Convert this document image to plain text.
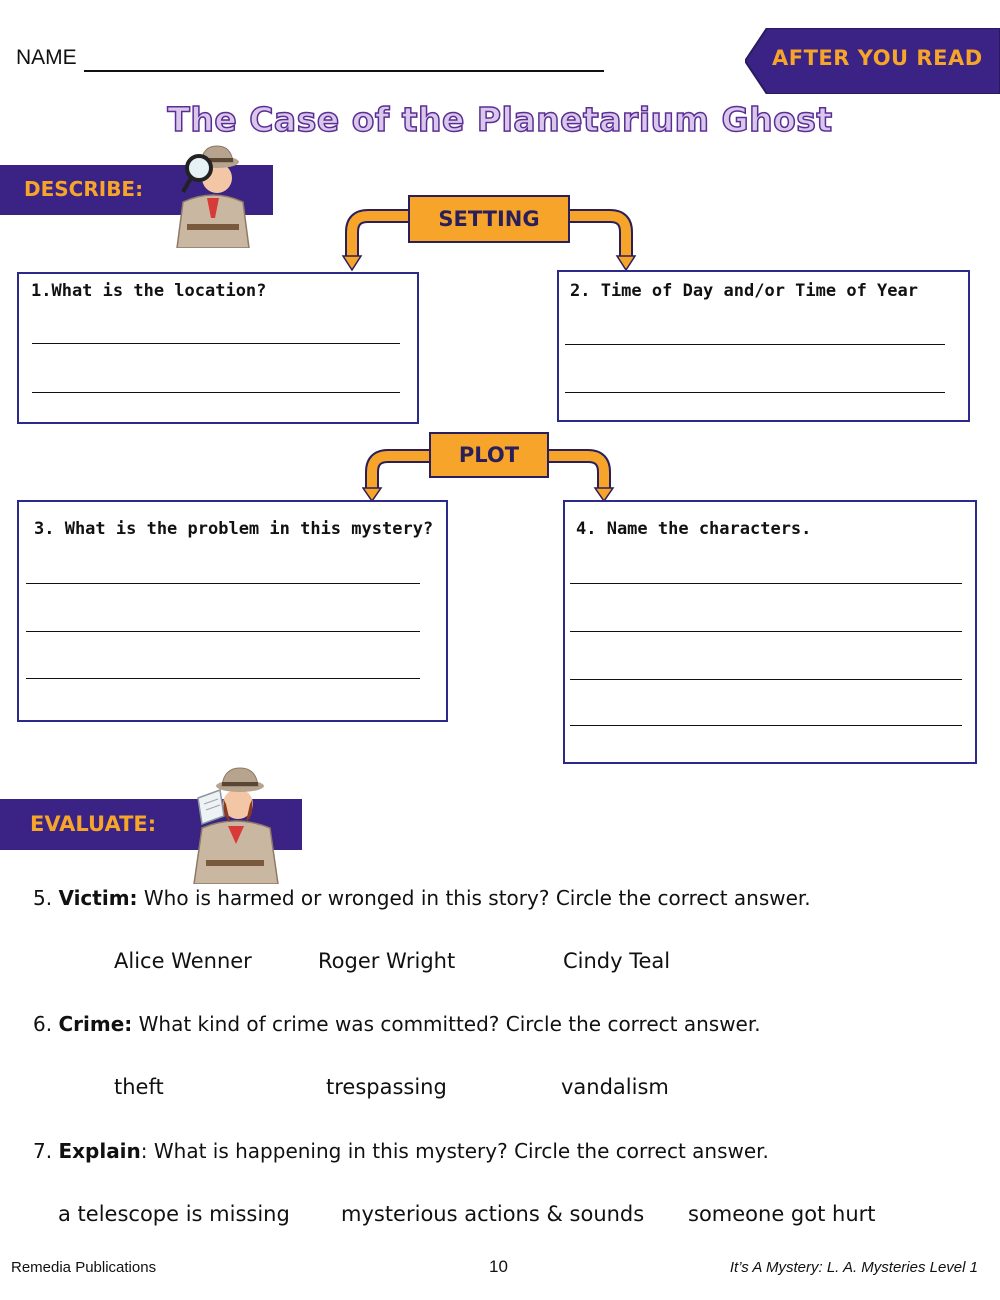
NAME	AFTER YOU READ
The Case of the Planetarium Ghost
DESCRIBE:
SETTING
1.What is the location?	2. Time of Day and/or Time of Year
PLOT
3. What is the problem in this mystery?	4. Name the characters.
EVALUATE:
5. Victim: Who is harmed or wronged in this story? Circle the correct answer.
Alice Wenner	Roger Wright	Cindy Teal
6. Crime: What kind of crime was committed? Circle the correct answer.
theft	trespassing	vandalism
7. Explain: What is happening in this mystery? Circle the correct answer.
a telescope is missing mysterious actions & sounds someone got hurt
Remedia Publications	10	It’s A Mystery: L. A. Mysteries Level 1
